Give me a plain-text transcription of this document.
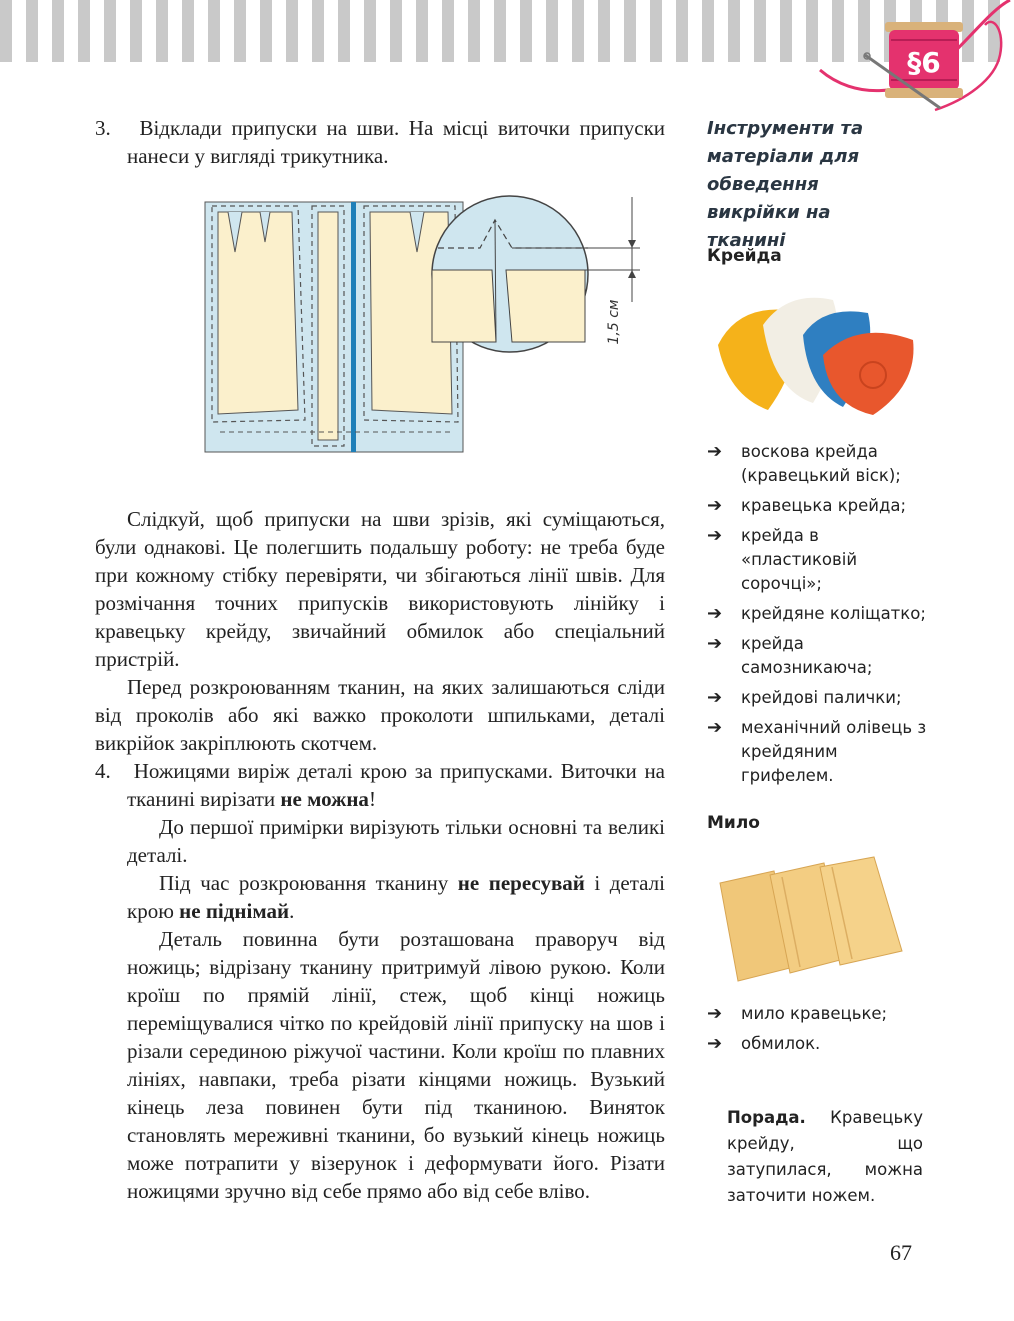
§6

3. Відклади припуски на шви. На місці виточки припуски нанеси у вигляді трикутника.

Слідкуй, щоб припуски на шви зрізів, які суміщаються, були однакові. Це полегшить подальшу роботу: не треба буде при кожному стібку перевіряти, чи збігаються лінії швів. Для розмічання точних припусків використовують лінійку і кравецьку крейду, звичайний обмилок або спеціальний пристрій.

Перед розкроюванням тканин, на яких залишаються сліди від проколів або які важко проколоти шпильками, деталі викрійок закріплюють скотчем.

4. Ножицями виріж деталі крою за припусками. Виточки на тканині вирізати не можна!

До першої примірки вирізують тільки основні та великі деталі.

Під час розкроювання тканину не пересувай і деталі крою не піднімай.

Деталь повинна бути розташована праворуч від ножиць; відрізану тканину притримуй лівою рукою. Коли кроїш по прямій лінії, стеж, щоб кінці ножиць переміщувалися чітко по крейдовій лінії припуску на шов і різали серединою ріжучої частини. Коли кроїш по плавних лініях, навпаки, треба різати кінцями ножиць. Вузький кінець леза повинен бути під тканиною. Виняток становлять мереживні тканини, бо вузький кінець ножиць може потрапити у візерунок і деформувати його. Різати ножицями зручно від себе прямо або від себе вліво.

1,5 см
Інструменти та матеріали для обведення викрійки на тканині
Крейда
➔ воскова крейда (кравецький віск);
➔ кравецька крейда;
➔ крейда в «пластиковій сорочці»;
➔ крейдяне коліщатко;
➔ крейда самозникаюча;
➔ крейдові палички;
➔ механічний олівець з крейдяним грифелем.
Мило
➔ мило кравецьке;
➔ обмилок.
Порада. Кравецьку крейду, що затупилася, можна заточити ножем.
67
